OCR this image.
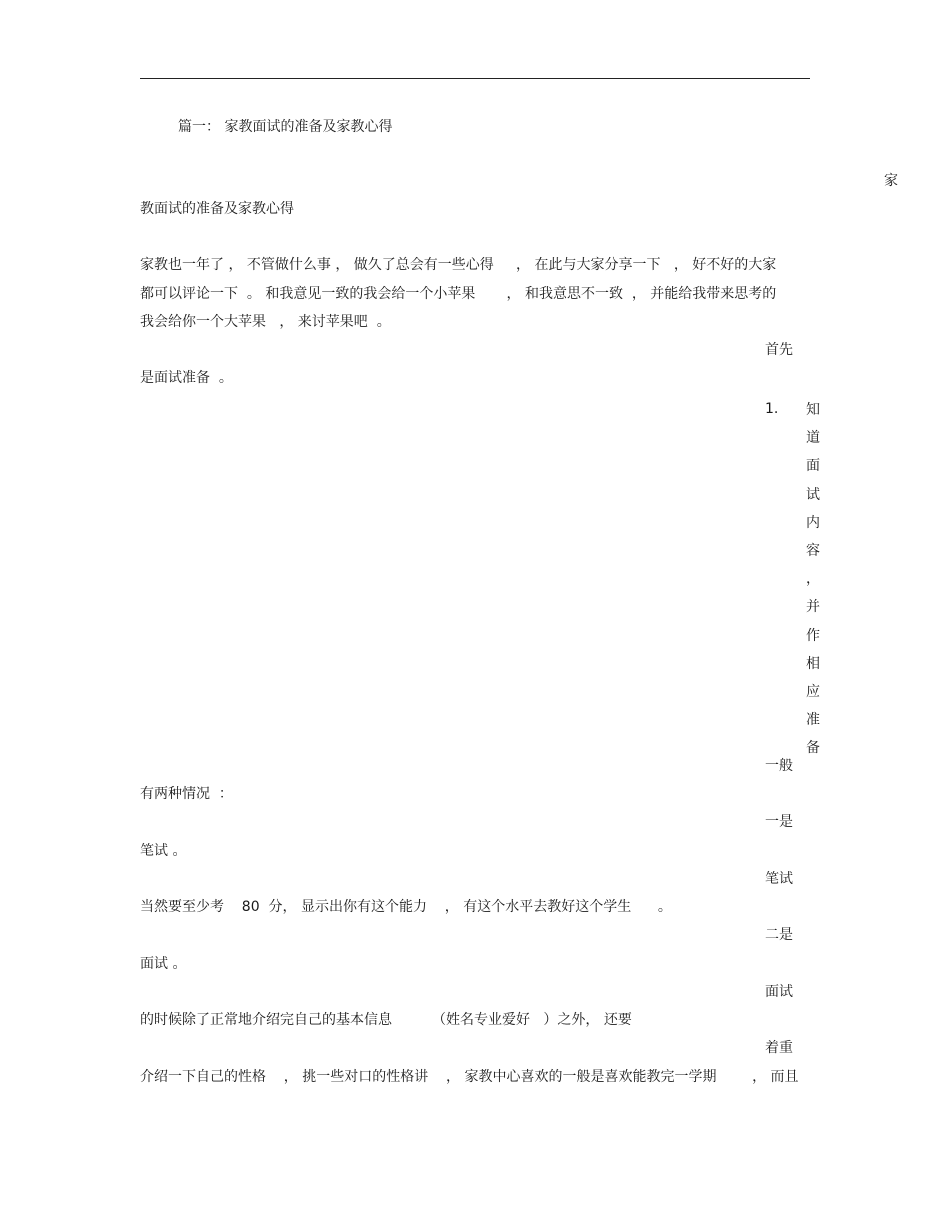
篇一： 家教面试的准备及家教心得
家
教面试的准备及家教心得
家教也一年了 ， 不管做什么事 ， 做久了总会有一些心得     ， 在此与大家分享一下   ， 好不好的大家
都可以评论一下  。 和我意见一致的我会给一个小苹果       ， 和我意思不一致  ， 并能给我带来思考的
我会给你一个大苹果   ， 来讨苹果吧  。
首先
是面试准备  。
1. 知
道
面
试
内
容
，
并
作
相
应
准
备
一般
有两种情况  ：
一是
笔试 。
笔试
当然要至少考    80  分， 显示出你有这个能力    ， 有这个水平去教好这个学生      。
二是
面试 。
面试
的时候除了正常地介绍完自己的基本信息         （姓名专业爱好   ）之外， 还要
着重
介绍一下自己的性格    ， 挑一些对口的性格讲    ， 家教中心喜欢的一般是喜欢能教完一学期        ， 而且
